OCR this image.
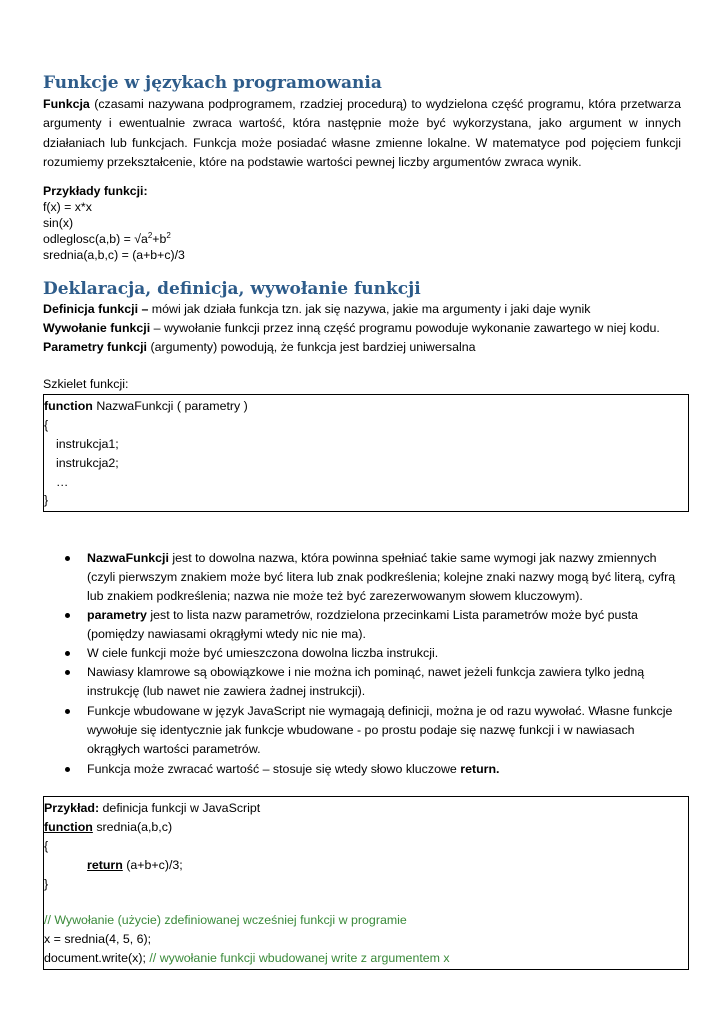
Funkcje w językach programowania
Funkcja (czasami nazywana podprogramem, rzadziej procedurą) to wydzielona część programu, która przetwarza argumenty i ewentualnie zwraca wartość, która następnie może być wykorzystana, jako argument w innych działaniach lub funkcjach. Funkcja może posiadać własne zmienne lokalne. W matematyce pod pojęciem funkcji rozumiemy przekształcenie, które na podstawie wartości pewnej liczby argumentów zwraca wynik.
Przykłady funkcji:
f(x) = x*x
sin(x)
odleglosc(a,b) = $√a^2+b^2$
srednia(a,b,c) = (a+b+c)/3
Deklaracja, definicja, wywołanie funkcji
Definicja funkcji – mówi jak działa funkcja tzn. jak się nazywa, jakie ma argumenty i jaki daje wynik
Wywołanie funkcji – wywołanie funkcji przez inną część programu powoduje wykonanie zawartego w niej kodu.
Parametry funkcji (argumenty) powodują, że funkcja jest bardziej uniwersalna
Szkielet funkcji:
function NazwaFunkcji ( parametry )
{
instrukcja1;
instrukcja2;
…
}
NazwaFunkcji jest to dowolna nazwa, która powinna spełniać takie same wymogi jak nazwy zmiennych (czyli pierwszym znakiem może być litera lub znak podkreślenia; kolejne znaki nazwy mogą być literą, cyfrą lub znakiem podkreślenia; nazwa nie może też być zarezerwowanym słowem kluczowym).
parametry jest to lista nazw parametrów, rozdzielona przecinkami Lista parametrów może być pusta (pomiędzy nawiasami okrągłymi wtedy nic nie ma).
W ciele funkcji może być umieszczona dowolna liczba instrukcji.
Nawiasy klamrowe są obowiązkowe i nie można ich pominąć, nawet jeżeli funkcja zawiera tylko jedną instrukcję (lub nawet nie zawiera żadnej instrukcji).
Funkcje wbudowane w język JavaScript nie wymagają definicji, można je od razu wywołać. Własne funkcje wywołuje się identycznie jak funkcje wbudowane - po prostu podaje się nazwę funkcji i w nawiasach okrągłych wartości parametrów.
Funkcja może zwracać wartość – stosuje się wtedy słowo kluczowe return.
Przykład: definicja funkcji w JavaScript
function srednia(a,b,c)
{
return (a+b+c)/3;
}
// Wywołanie (użycie) zdefiniowanej wcześniej funkcji w programie
x = srednia(4, 5, 6);
document.write(x); // wywołanie funkcji wbudowanej write z argumentem x
